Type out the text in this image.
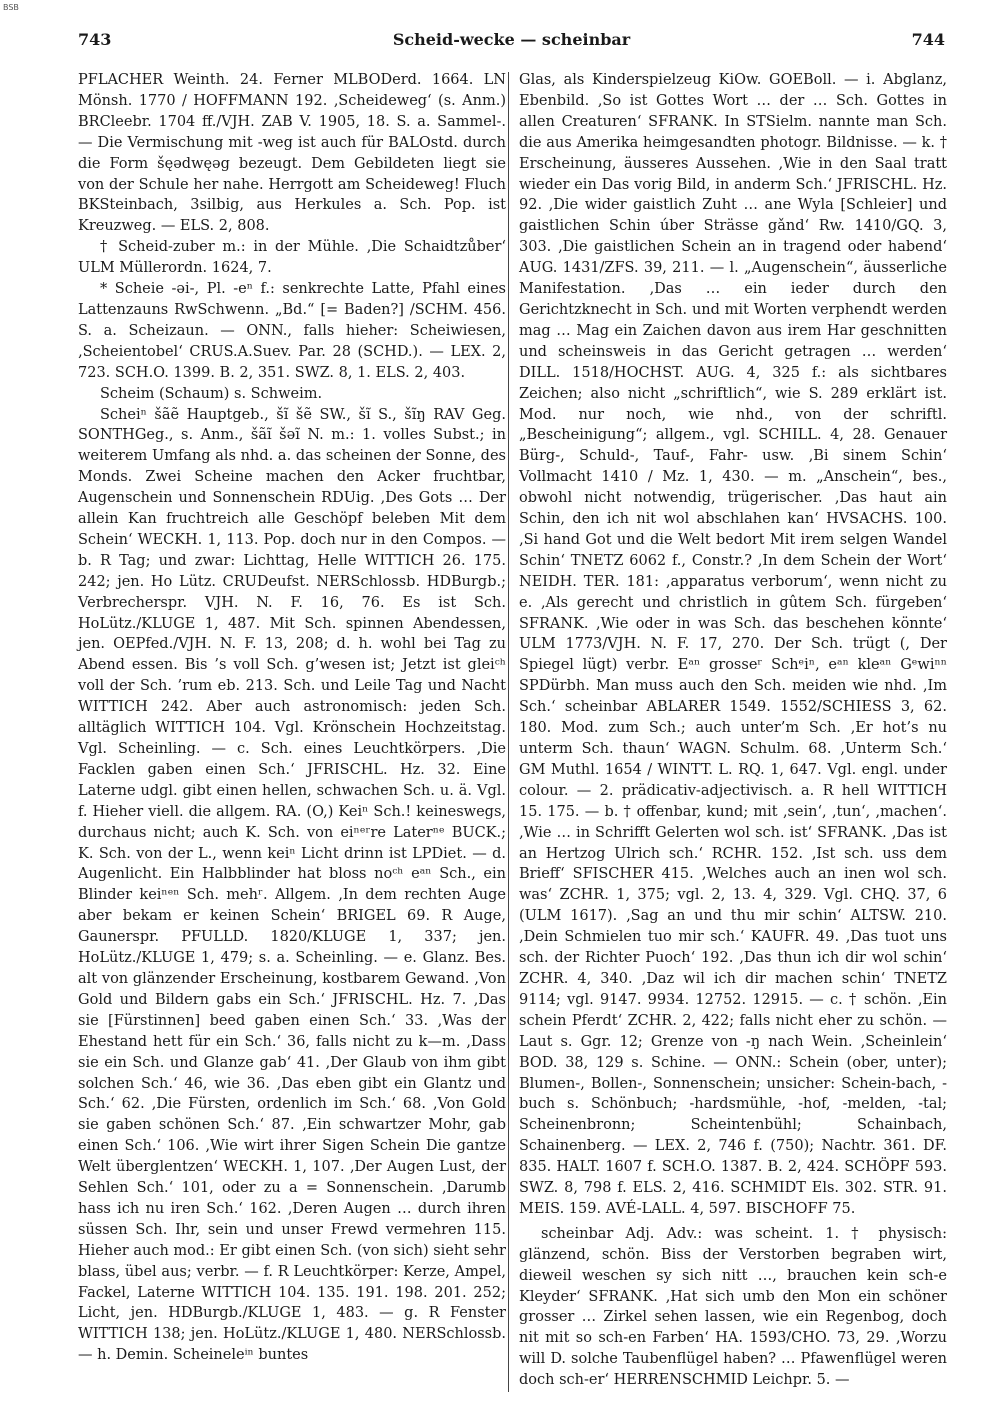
BSB
743	Scheid-wecke — scheinbar	744

PFLACHER Weinth. 24. Ferner MLBODerd. 1664. LN Mönsh. 1770 / HOFFMANN 192. ‚Scheideweg‘ (s. Anm.) BRCleebr. 1704 ff./VJH. ZAB V. 1905, 18. S. a. Sammel-. — Die Vermischung mit -weg ist auch für BALOstd. durch die Form šęədwęəg bezeugt. Dem Gebildeten liegt sie von der Schule her nahe. Herrgott am Scheideweg! Fluch BKSteinbach, 3silbig, aus Herkules a. Sch. Pop. ist Kreuzweg. — ELS. 2, 808.

† Scheid-zuber m.: in der Mühle. ‚Die Schaidtzůber‘ ULM Müllerordn. 1624, 7.

* Scheie -əi-, Pl. -eⁿ f.: senkrechte Latte, Pfahl eines Lattenzauns RwSchwenn. „Bd.“ [= Baden?] /SCHM. 456. S. a. Scheizaun. — ONN., falls hieher: Scheiwiesen, ‚Scheientobel‘ CRUS.A.Suev. Par. 28 (SCHD.). — LEX. 2, 723. SCH.O. 1399. B. 2, 351. SWZ. 8, 1. ELS. 2, 403.

Scheim (Schaum) s. Schweim.

Scheiⁿ šãẽ Hauptgeb., šĩ šẽ SW., šĩ S., šĩŋ RAV Geg. SONTHGeg., s. Anm., šãĩ šəĩ N. m.: 1. volles Subst.; in weiterem Umfang als nhd. a. das scheinen der Sonne, des Monds. Zwei Scheine machen den Acker fruchtbar, Augenschein und Sonnenschein RDUig. ‚Des Gots … Der allein Kan fruchtreich alle Geschöpf beleben Mit dem Schein‘ WECKH. 1, 113. Pop. doch nur in den Compos. — b. R Tag; und zwar: Lichttag, Helle WITTICH 26. 175. 242; jen. Ho Lütz. CRUDeufst. NERSchlossb. HDBurgb.; Verbrecherspr. VJH. N. F. 16, 76. Es ist Sch. HoLütz./KLUGE 1, 487. Mit Sch. spinnen Abendessen, jen. OEPfed./VJH. N. F. 13, 208; d. h. wohl bei Tag zu Abend essen. Bis ’s voll Sch. g’wesen ist; Jetzt ist gleiᶜʰ voll der Sch. ’rum eb. 213. Sch. und Leile Tag und Nacht WITTICH 242. Aber auch astronomisch: jeden Sch. alltäglich WITTICH 104. Vgl. Krönschein Hochzeitstag. Vgl. Scheinling. — c. Sch. eines Leuchtkörpers. ‚Die Facklen gaben einen Sch.‘ JFRISCHL. Hz. 32. Eine Laterne udgl. gibt einen hellen, schwachen Sch. u. ä. Vgl. f. Hieher viell. die allgem. RA. (O,) Keiⁿ Sch.! keineswegs, durchaus nicht; auch K. Sch. von eiⁿᵉʳre Laterⁿᵉ BUCK.; K. Sch. von der L., wenn keiⁿ Licht drinn ist LPDiet. — d. Augenlicht. Ein Halbblinder hat bloss noᶜʰ eᵃⁿ Sch., ein Blinder keiⁿᵉⁿ Sch. mehʳ. Allgem. ‚In dem rechten Auge aber bekam er keinen Schein‘ BRIGEL 69. R Auge, Gaunerspr. PFULLD. 1820/KLUGE 1, 337; jen. HoLütz./KLUGE 1, 479; s. a. Scheinling. — e. Glanz. Bes. alt von glänzender Erscheinung, kostbarem Gewand. ‚Von Gold und Bildern gabs ein Sch.‘ JFRISCHL. Hz. 7. ‚Das sie [Fürstinnen] beed gaben einen Sch.‘ 33. ‚Was der Ehestand hett für ein Sch.‘ 36, falls nicht zu k—m. ‚Dass sie ein Sch. und Glanze gab‘ 41. ‚Der Glaub von ihm gibt solchen Sch.‘ 46, wie 36. ‚Das eben gibt ein Glantz und Sch.‘ 62. ‚Die Fürsten, ordenlich im Sch.‘ 68. ‚Von Gold sie gaben schönen Sch.‘ 87. ‚Ein schwartzer Mohr, gab einen Sch.‘ 106. ‚Wie wirt ihrer Sigen Schein Die gantze Welt überglentzen‘ WECKH. 1, 107. ‚Der Augen Lust, der Sehlen Sch.‘ 101, oder zu a = Sonnenschein. ‚Darumb hass ich nu iren Sch.‘ 162. ‚Deren Augen … durch ihren süssen Sch. Ihr, sein und unser Frewd vermehren 115. Hieher auch mod.: Er gibt einen Sch. (von sich) sieht sehr blass, übel aus; verbr. — f. R Leuchtkörper: Kerze, Ampel, Fackel, Laterne WITTICH 104. 135. 191. 198. 201. 252; Licht, jen. HDBurgb./KLUGE 1, 483. — g. R Fenster WITTICH 138; jen. HoLütz./KLUGE 1, 480. NERSchlossb. — h. Demin. Scheineleⁱⁿ buntes

Glas, als Kinderspielzeug KiOw. GOEBoll. — i. Abglanz, Ebenbild. ‚So ist Gottes Wort … der … Sch. Gottes in allen Creaturen‘ SFRANK. In STSielm. nannte man Sch. die aus Amerika heimgesandten photogr. Bildnisse. — k. † Erscheinung, äusseres Aussehen. ‚Wie in den Saal tratt wieder ein Das vorig Bild, in anderm Sch.‘ JFRISCHL. Hz. 92. ‚Die wider gaistlich Zuht … ane Wyla [Schleier] und gaistlichen Schin úber Strässe gǎnd‘ Rw. 1410/GQ. 3, 303. ‚Die gaistlichen Schein an in tragend oder habend‘ AUG. 1431/ZFS. 39, 211. — l. „Augenschein“, äusserliche Manifestation. ‚Das … ein ieder durch den Gerichtzknecht in Sch. und mit Worten verphendt werden mag … Mag ein Zaichen davon aus irem Har geschnitten und scheinsweis in das Gericht getragen … werden‘ DILL. 1518/HOCHST. AUG. 4, 325 f.: als sichtbares Zeichen; also nicht „schriftlich“, wie S. 289 erklärt ist. Mod. nur noch, wie nhd., von der schriftl. „Bescheinigung“; allgem., vgl. SCHILL. 4, 28. Genauer Bürg-, Schuld-, Tauf-, Fahr- usw. ‚Bi sinem Schin‘ Vollmacht 1410 / Mz. 1, 430. — m. „Anschein“, bes., obwohl nicht notwendig, trügerischer. ‚Das haut ain Schin, den ich nit wol abschlahen kan‘ HVSACHS. 100. ‚Si hand Got und die Welt bedort Mit irem selgen Wandel Schin‘ TNETZ 6062 f., Constr.? ‚In dem Schein der Wort‘ NEIDH. TER. 181: ‚apparatus verborum‘, wenn nicht zu e. ‚Als gerecht und christlich in gûtem Sch. fürgeben‘ SFRANK. ‚Wie oder in was Sch. das beschehen könnte‘ ULM 1773/VJH. N. F. 17, 270. Der Sch. trügt (, Der Spiegel lügt) verbr. Eᵃⁿ grosseʳ Schᵉiⁿ, eᵃⁿ kleᵃⁿ Gᵉwiⁿⁿ SPDürbh. Man muss auch den Sch. meiden wie nhd. ‚Im Sch.‘ scheinbar ABLARER 1549. 1552/SCHIESS 3, 62. 180. Mod. zum Sch.; auch unter’m Sch. ‚Er hot’s nu unterm Sch. thaun‘ WAGN. Schulm. 68. ‚Unterm Sch.‘ GM Muthl. 1654 / WINTT. L. RQ. 1, 647. Vgl. engl. under colour. — 2. prädicativ-adjectivisch. a. R hell WITTICH 15. 175. — b. † offenbar, kund; mit ‚sein‘, ‚tun‘, ‚machen‘. ‚Wie … in Schrifft Gelerten wol sch. ist‘ SFRANK. ‚Das ist an Hertzog Ulrich sch.‘ RCHR. 152. ‚Ist sch. uss dem Brieff‘ SFISCHER 415. ‚Welches auch an inen wol sch. was‘ ZCHR. 1, 375; vgl. 2, 13. 4, 329. Vgl. CHQ. 37, 6 (ULM 1617). ‚Sag an und thu mir schin‘ ALTSW. 210. ‚Dein Schmielen tuo mir sch.‘ KAUFR. 49. ‚Das tuot uns sch. der Richter Puoch‘ 192. ‚Das thun ich dir wol schin‘ ZCHR. 4, 340. ‚Daz wil ich dir machen schin‘ TNETZ 9114; vgl. 9147. 9934. 12752. 12915. — c. † schön. ‚Ein schein Pferdt‘ ZCHR. 2, 422; falls nicht eher zu schön. — Laut s. Ggr. 12; Grenze von -ŋ nach Wein. ‚Scheinlein‘ BOD. 38, 129 s. Schine. — ONN.: Schein (ober, unter); Blumen-, Bollen-, Sonnenschein; unsicher: Schein-bach, -buch s. Schönbuch; -hardsmühle, -hof, -melden, -tal; Scheinenbronn; Scheintenbühl; Schainbach, Schainenberg. — LEX. 2, 746 f. (750); Nachtr. 361. DF. 835. HALT. 1607 f. SCH.O. 1387. B. 2, 424. SCHÖPF 593. SWZ. 8, 798 f. ELS. 2, 416. SCHMIDT Els. 302. STR. 91. MEIS. 159. AVÉ-LALL. 4, 597. BISCHOFF 75.

scheinbar Adj. Adv.: was scheint. 1. † physisch: glänzend, schön. Biss der Verstorben begraben wirt, dieweil weschen sy sich nitt …, brauchen kein sch-e Kleyder‘ SFRANK. ‚Hat sich umb den Mon ein schöner grosser … Zirkel sehen lassen, wie ein Regenbog, doch nit mit so sch-en Farben‘ HA. 1593/CHO. 73, 29. ‚Worzu will D. solche Taubenflügel haben? … Pfawenflügel weren doch sch-er‘ HERRENSCHMID Leichpr. 5. —
